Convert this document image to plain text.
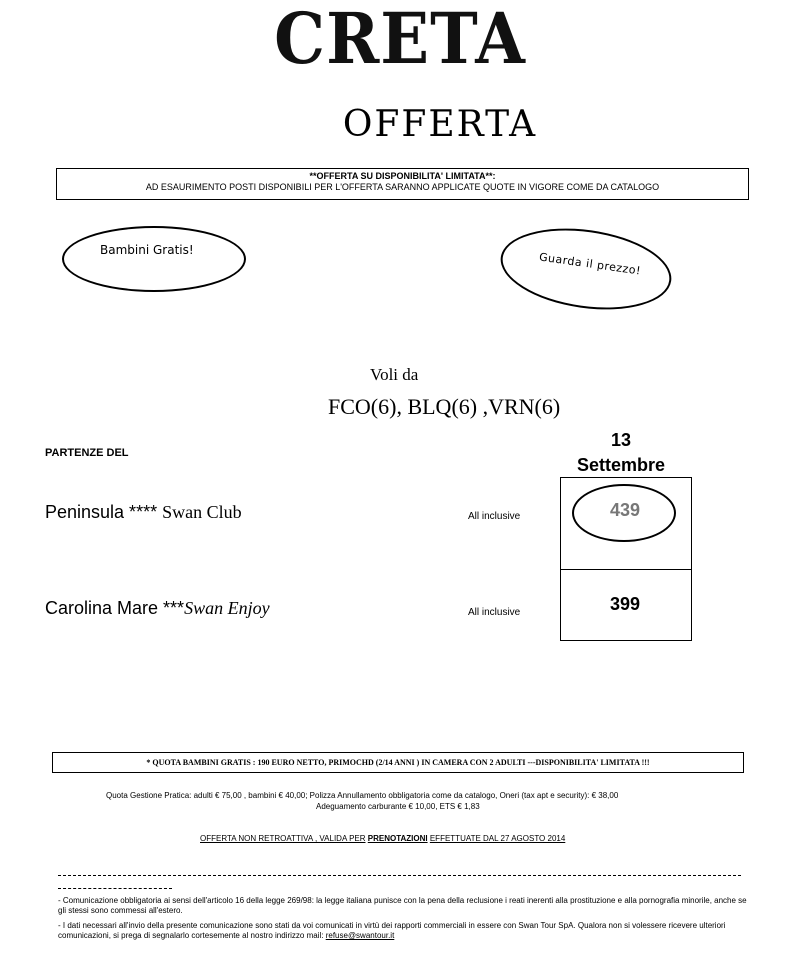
CRETA
OFFERTA
**OFFERTA SU DISPONIBILITA' LIMITATA**:
AD ESAURIMENTO POSTI DISPONIBILI PER L'OFFERTA SARANNO APPLICATE QUOTE IN VIGORE COME DA CATALOGO
Bambini Gratis!
Guarda il prezzo!
Voli da
FCO(6), BLQ(6) ,VRN(6)
PARTENZE DEL
13
Settembre
Peninsula **** Swan Club	All inclusive
Carolina Mare ***Swan Enjoy	All inclusive
439
399
* QUOTA BAMBINI GRATIS : 190 EURO NETTO, PRIMOCHD (2/14 ANNI ) IN CAMERA CON 2 ADULTI ---DISPONIBILITA' LIMITATA !!!
Quota Gestione Pratica: adulti € 75,00 , bambini € 40,00; Polizza Annullamento obbligatoria come da catalogo, Oneri (tax apt e security): € 38,00
Adeguamento carburante € 10,00, ETS € 1,83
OFFERTA NON RETROATTIVA , VALIDA PER PRENOTAZIONI EFFETTUATE DAL 27 AGOSTO 2014
- Comunicazione obbligatoria ai sensi dell'articolo 16 della legge 269/98: la legge italiana punisce con la pena della reclusione i reati inerenti alla prostituzione e alla pornografia minorile, anche se gli stessi sono commessi all'estero.
- I dati necessari all'invio della presente comunicazione sono stati da voi comunicati in virtù dei rapporti commerciali in essere con Swan Tour SpA. Qualora non si volessere ricevere ulteriori comunicazioni, si prega di segnalarlo cortesemente al nostro indirizzo mail: refuse@swantour.it
